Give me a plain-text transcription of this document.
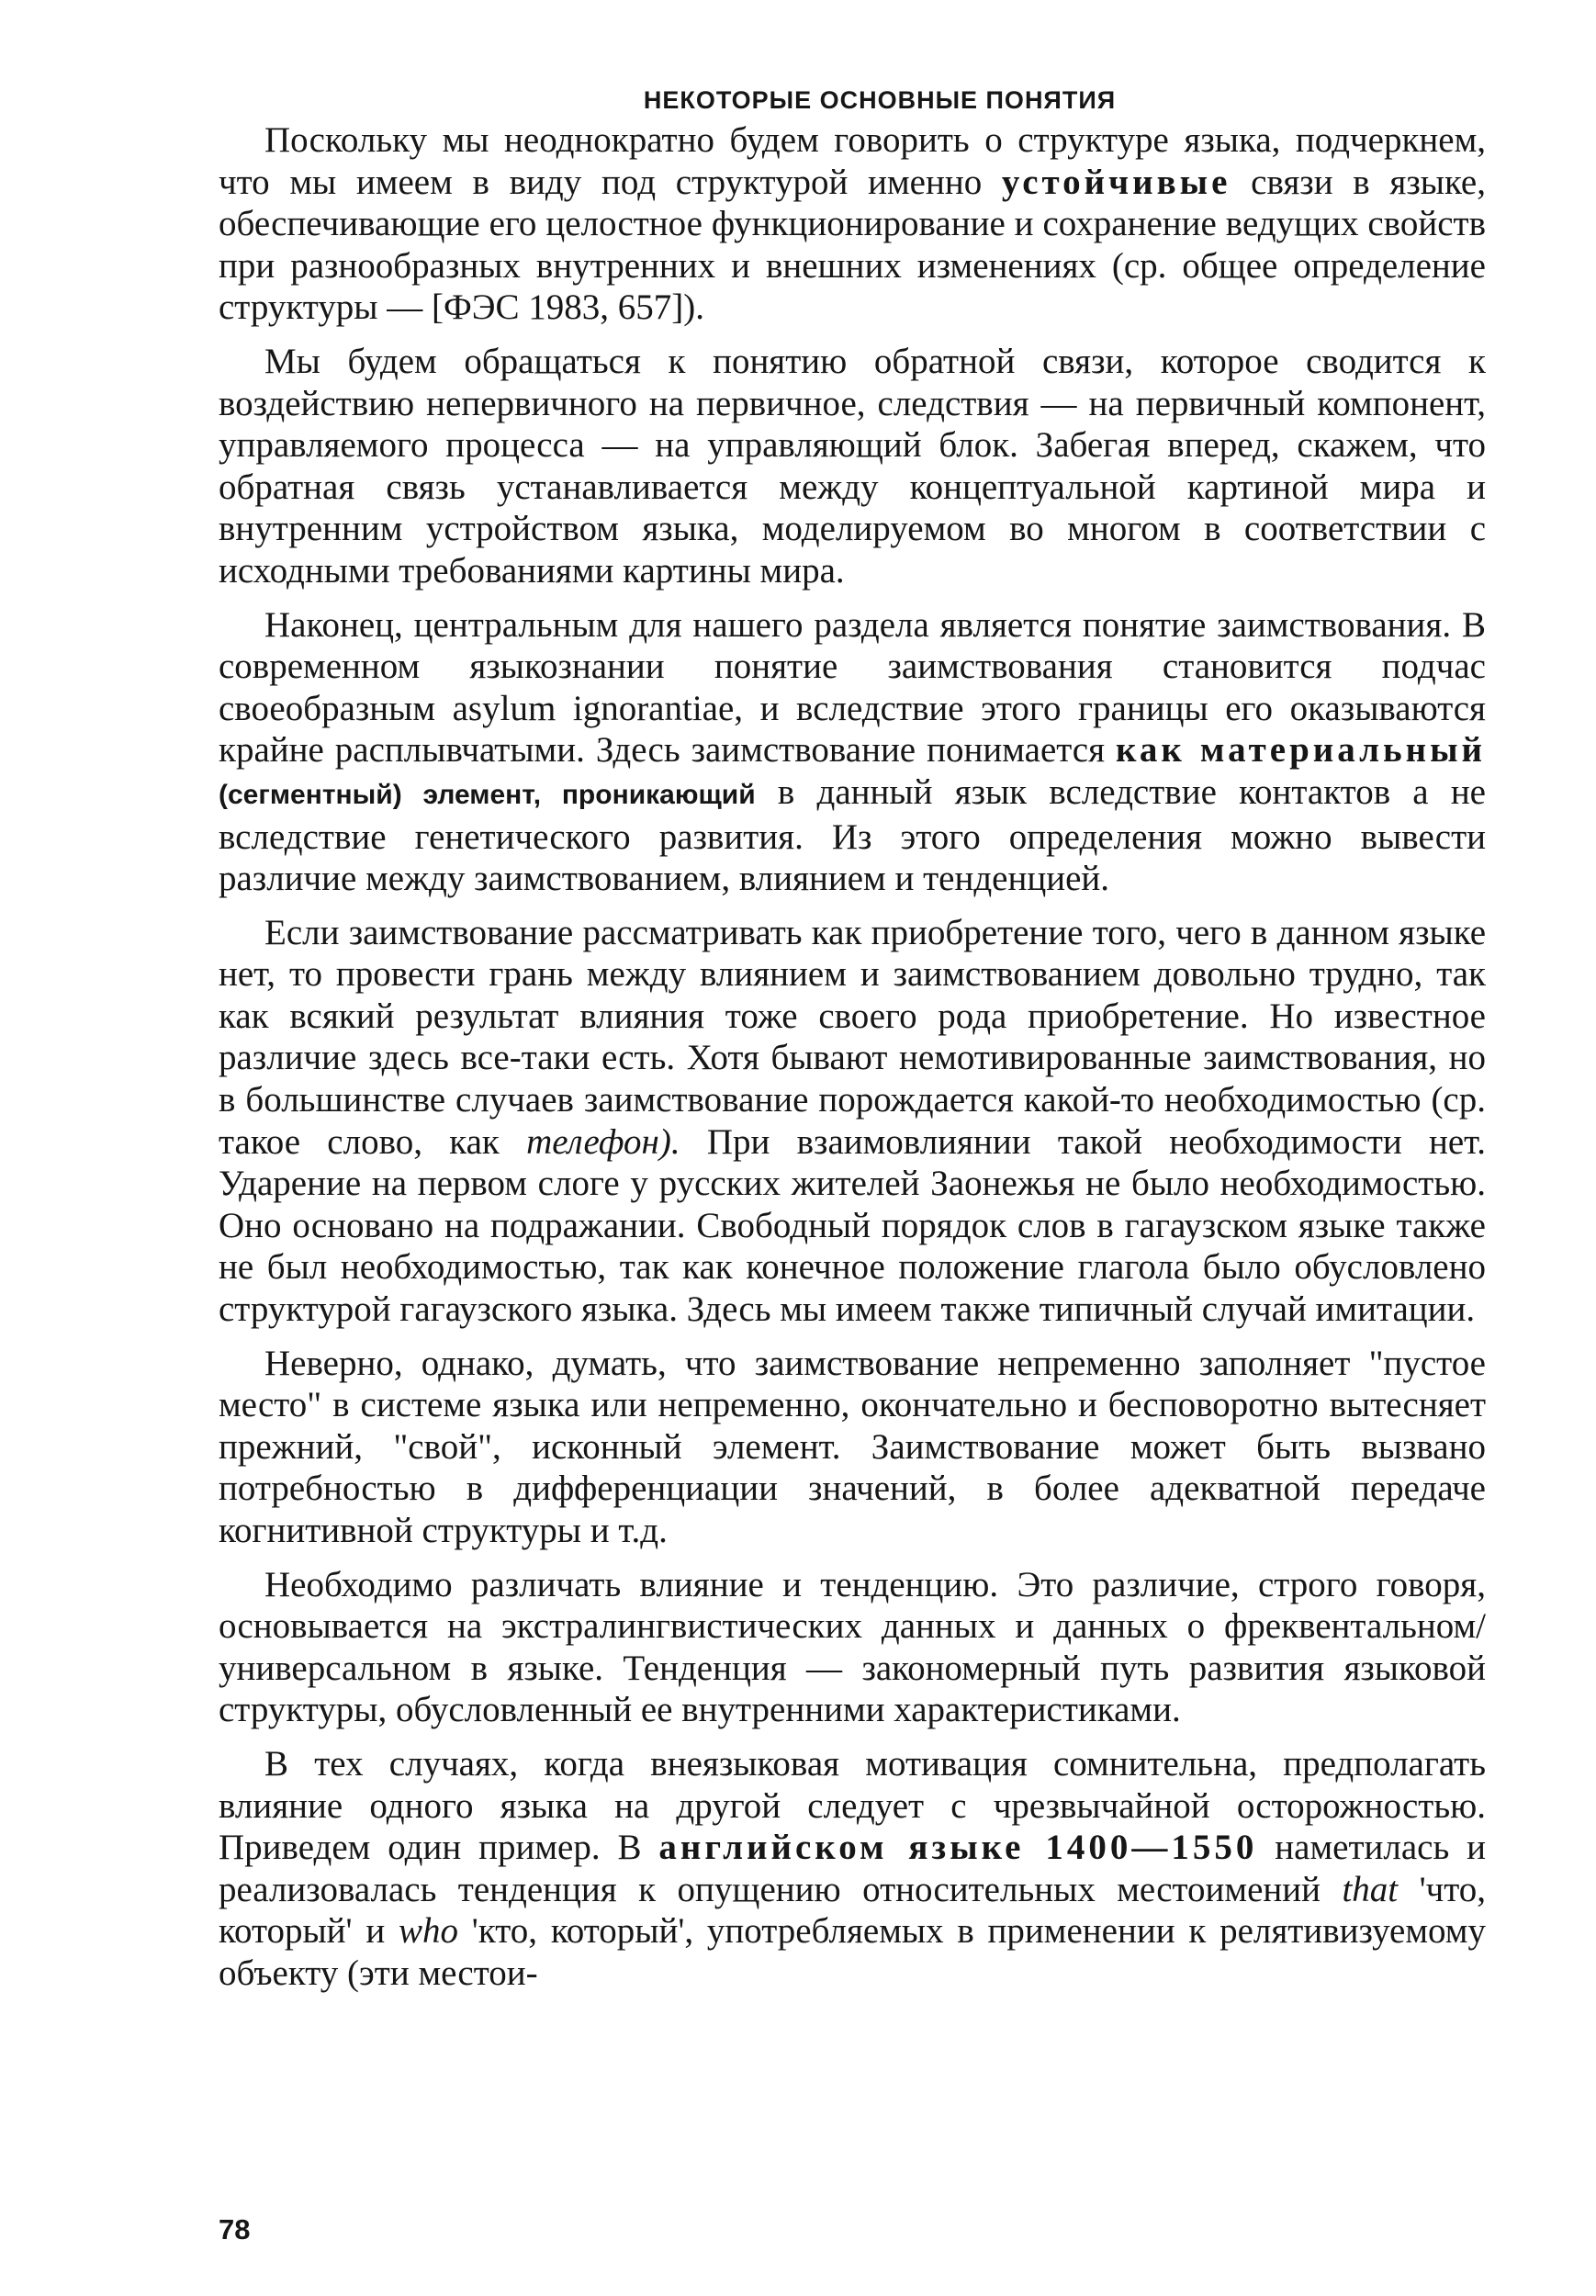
НЕКОТОРЫЕ ОСНОВНЫЕ ПОНЯТИЯ

Поскольку мы неоднократно будем говорить о структуре языка, подчеркнем, что мы имеем в виду под структурой именно устойчивые связи в языке, обеспечивающие его целостное функционирование и сохранение ведущих свойств при разнообразных внутренних и внешних изменениях (ср. общее определение структуры — [ФЭС 1983, 657]).

Мы будем обращаться к понятию обратной связи, которое сводится к воздействию непервичного на первичное, следствия — на первичный компонент, управляемого процесса — на управляющий блок. Забегая вперед, скажем, что обратная связь устанавливается между концептуальной картиной мира и внутренним устройством языка, моделируемом во многом в соответствии с исходными требованиями картины мира.

Наконец, центральным для нашего раздела является понятие заимствования. В современном языкознании понятие заимствования становится подчас своеобразным asylum ignorantiae, и вследствие этого границы его оказываются крайне расплывчатыми. Здесь заимствование понимается как материальный (сегментный) элемент, проникающий в данный язык вследствие контактов а не вследствие генетического развития. Из этого определения можно вывести различие между заимствованием, влиянием и тенденцией.

Если заимствование рассматривать как приобретение того, чего в данном языке нет, то провести грань между влиянием и заимствованием довольно трудно, так как всякий результат влияния тоже своего рода приобретение. Но известное различие здесь все-таки есть. Хотя бывают немотивированные заимствования, но в большинстве случаев заимствование порождается какой-то необходимостью (ср. такое слово, как телефон). При взаимовлиянии такой необходимости нет. Ударение на первом слоге у русских жителей Заонежья не было необходимостью. Оно основано на подражании. Свободный порядок слов в гагаузском языке также не был необходимостью, так как конечное положение глагола было обусловлено структурой гагаузского языка. Здесь мы имеем также типичный случай имитации.

Неверно, однако, думать, что заимствование непременно заполняет "пустое место" в системе языка или непременно, окончательно и бесповоротно вытесняет прежний, "свой", исконный элемент. Заимствование может быть вызвано потребностью в дифференциации значений, в более адекватной передаче когнитивной структуры и т.д.

Необходимо различать влияние и тенденцию. Это различие, строго говоря, основывается на экстралингвистических данных и данных о фреквентальном/универсальном в языке. Тенденция — закономерный путь развития языковой структуры, обусловленный ее внутренними характеристиками.

В тех случаях, когда внеязыковая мотивация сомнительна, предполагать влияние одного языка на другой следует с чрезвычайной осторожностью. Приведем один пример. В английском языке 1400—1550 наметилась и реализовалась тенденция к опущению относительных местоимений that 'что, который' и who 'кто, который', употребляемых в применении к релятивизуемому объекту (эти местои-

78
